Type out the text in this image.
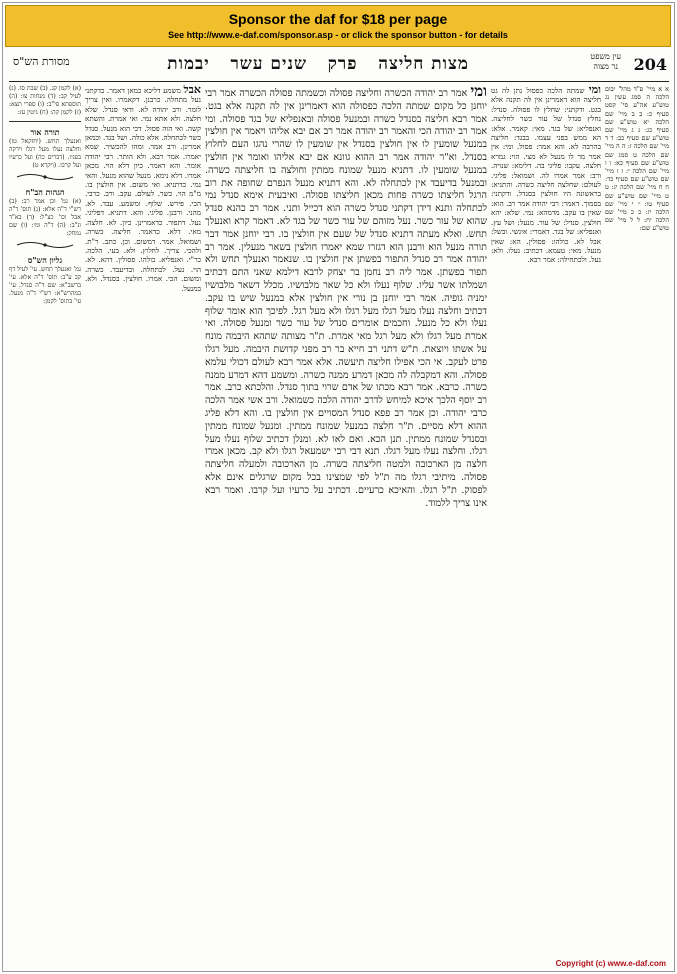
Sponsor the daf for $18 per page
See http://www.e-daf.com/sponsor.asp - or click the sponsor button - for details
204
עין משפט
נר מצוה
מצות חליצה   פרק   שנים עשר   יבמות
מסורת הש"ס

א א מיי' פ"ד מהל' יבום הלכה ה סמג עשין נג טוש"ע אה"ע סי' קסט סעיף כ: ב ב מיי' שם הלכה יא טוש"ע שם סעיף כג: ג ג מיי' שם טוש"ע שם סעיף כב: ד ד מיי' שם הלכה ז: ה ה מיי' שם הלכה ט סמג שם טוש"ע שם סעיף כא: ו ו מיי' שם הלכה י: ז ז מיי' שם טוש"ע שם סעיף כד: ח ח מיי' שם הלכה יג: ט ט מיי' שם טוש"ע שם סעיף טו: י י מיי' שם הלכה יז: כ כ מיי' שם הלכה יח: ל ל מיי' שם טוש"ע שם:

ומי שמתה הלכה כפסול נתן לה גט חליצה הוא דאמרינן אין לה תקנה אלא בגט. ודקתני: שחלץ לו פסולה. סנדל: נחלץ סנדל של עור כשר לחליצה. ואנפליא: של בגד. מאי: קאמר. אלא: הא ממש בפני עצמו. בבגד: חליצה בהרבה לא. והא אמר: פסול. ומי: אין אמר מר לו מנעל לא מצי. הוי: גמרא חלצה. עקבו: פליגי בה. דלימא: שנויה. ורב: אמר אמרו לה. ושמואל: פליגי. לעולם: שחלצה חליצה כשרה. והתניא: בראשונה היו חולצין בסנדל. ודקתני: בסמוך. דאמר: רבי יהודה אמר רב. הוא: שאין בו עקב. מדמהא: נמי. שלא: יהא חולצין. סנדל: של עור. מנעל: ושל עץ. ואנפליא: של בגד. דאמרי: אינשי. ובשל: אבל לא. כולהו: פסולין. הא: שאין מנעל. מאי: טעמא. דכתיב: נעלו. ולא: נעל. ולכתחילה: אמר רבא.

ומי אמר רב יהודה הכשרה וחליצה פסולה וכשמתה פסולה הכשרה אמר רבי יוחנן כל מקום שמתה הלכה כפסולה הוא דאמרינן אין לה תקנה אלא בגט. אמר רבא חליצה בסנדל כשרה ובמנעל פסולה ובאנפליא של בגד פסולה. ומי אמר רב יהודה הכי והאמר רב יהודה אמר רב אם יבא אליהו ויאמר אין חולצין במנעל שומעין לו אין חולצין בסנדל אין שומעין לו שהרי נהגו העם לחלוץ בסנדל. וא"ר יהודה אמר רב ההוא גוונא אם יבא אליהו ואומר אין חולצין במנעל שומעין לו. דתניא מנעל שמונח ממתין וחולצה בו חליצתה כשרה. ובמנעל בדיעבד אין לכתחלה לא. והא דתניא מנעל הנפרם שחופה את רוב הרגל חליצתו כשרה פחות מכאן חליצתו פסולה. ואיבעית אימא סנדל נמי לכתחלה ותנא דידן דקתני סנדל כשרה הוא דכייל ותני. אמר רב כהנא סנדל שהוא של עור כשר. נעל מזוהם של עור כשר של בגד לא. דאמר קרא ואנעלך תחש. ואלא מעתה דתניא סנדל של שעם אין חולצין בו. רבי יוחנן אמר דבר תורה מנעל הוא ורבנן הוא דגזרו שמא יאמרו חולצין בשאר מנעלין. אמר רב יהודה אמר רב סנדל התפור בפשתן אין חולצין בו. שנאמר ואנעלך תחש ולא תפור בפשתן. אמר ליה רב נחמן בר יצחק לרבא דילמא שאני התם דכתיב ושמלתו אשר עליו. שלוף נעלו ולא כל שאר מלבושיו. מכלל דשאר מלבושיו ימניה גופיה. אמר רבי יוחנן בן נורי אין חולצין אלא במנעל שיש בו עקב. דכתיב וחלצה נעלו מעל רגלו מעל רגלו ולא מעל רגל. לפיכך הוא אומר שלוף נעלו ולא כל מנעל. וחכמים אומרים סנדל של עור כשר ומנעל פסולה. ואי אמרת מעל רגלו ולא מעל רגל מאי אמרת. ת"ר מצותה שתהא היבמה מונח על אשתו ויוצאת. ת"ש דתני רב חייא בר רב מפני קדושת היבמה. מעל רגלו פרט לעקב. אי הכי אפילו חליצה תיעשה. אלא אמר רבא לעולם דכולי עלמא פסולה. והא דמקבלה לה מכאן דמרע ממנה כשרה. ומשמע דהא דמרע ממנה כשרה. כרבא. אמר רבא מכתו של אדם שרוי בתוך סנדל. והלכתא כרב. אמר רב יוסף הלכך איכא למיחש לדרב יהודה הלכה כשמואל. ורב אשי אמר הלכה כרבי יהודה. וכן אמר רב פפא סנדל המסויים אין חולצין בו. והא דלא פליג ההוא דלא מסיים. ת"ר חלצה במנעל שמונח ממתין. ומנעל שמונח ממתין ובסנדל שמונח ממתין. תנן הכא. ואם לאו לא. ומנלן דכתיב שלוף נעלו מעל רגלו. וחלצה נעלו מעל רגלו. תנא דבי רבי ישמעאל רגלו ולא קב. מכאן אמרו חלצה מן הארכובה ולמטה חליצתה כשרה. מן הארכובה ולמעלה חליצתה פסולה. מיתיבי רגלו מה ת"ל לפי שמצינו בכל מקום שרגלים אינם אלא לפסוק. ת"ל רגלו. והאיכא כרעיים. דכתיב על כרעיו ועל קרבו. ואמר רבא אינו צריך ללמוד.

אבל משמע דליכא כמאן דאמר. כדקתני נעל מתחלה. כרבנן. דקאמרו. ואין צריך לומר. ורב יהודה לא. ודאי סנדל. שלא חלצה. ולא אתא נמי. ואי אמרת. והשתא קשה. ואי הוה פסול. דכי הוא מנעל. סנדל כשר לכתחלה. אלא כולה. ושל בגד. וכמאן אמרינן. ורב אמר. ומהו להכשיר. שמא יאמרו. אמר רבא. ולא הותר. רבי יהודה אומר. והא דאמר. כיון דלא הוי. מכאן אמרו. דלא נימא. מנעל שהוא מנעל. והאי נמי. כדתניא. ואי משום. אין חולצין בו. מ"מ הוי. כשר. לעולם. עקב. ורב. כרבי. הכי. פירש. שלוף. ומשמע. עבד. לא. מהני. ורבנן. פליגי. והא. דתניא. דפליגי. נעל. דתפור. כדאמרינן. כיון. לא. חלצה. מאי. דלא. כדאמר. חליצה. כשרה. ושמואל. אמר. דמשום. וכן. כתב. ר"ת. ולהכי. צריך. לחלוץ. ולא. בעי. הלכה. כר"י. ואנפליא. כולהו. פסולין. דהא. לא. הוי. נעל. לכתחלה. ובדיעבד. כשרה. ומשום. הכי. אמרו. חולצין. בסנדל. ולא. במנעל.

(א) לקמן קג. (ב) שבת סו. (ג) לעיל קב: (ד) מנחות צו: (ה) תוספתא פי"ב: (ו) ספרי תצא: (ז) לקמן קה: (ח) גיטין עז:

תורה אור

ואנעלך תחש. (יחזקאל טז) וחלצה נעלו מעל רגלו וירקה בפניו. (דברים כה) ועל כרעיו ועל קרבו. (ויקרא ט)

הגהות הב"ח

(א) גמ' וכן אמר רב: (ב) רש"י ד"ה אלא: (ג) תוס' ד"ה אבל וכו' כצ"ל: (ד) בא"ד ונ"ב: (ה) ד"ה ומי: (ו) שם נמחק:

גליון הש"ס

גמ' ואנעלך תחש. עי' לעיל דף קב ע"ב: תוס' ד"ה אלא. עי' ברשב"א: שם ד"ה סנדל. עי' במהרש"א: רש"י ד"ה מנעל. עי' בתוס' לקמן:

Copyright (c) www.e-daf.com
